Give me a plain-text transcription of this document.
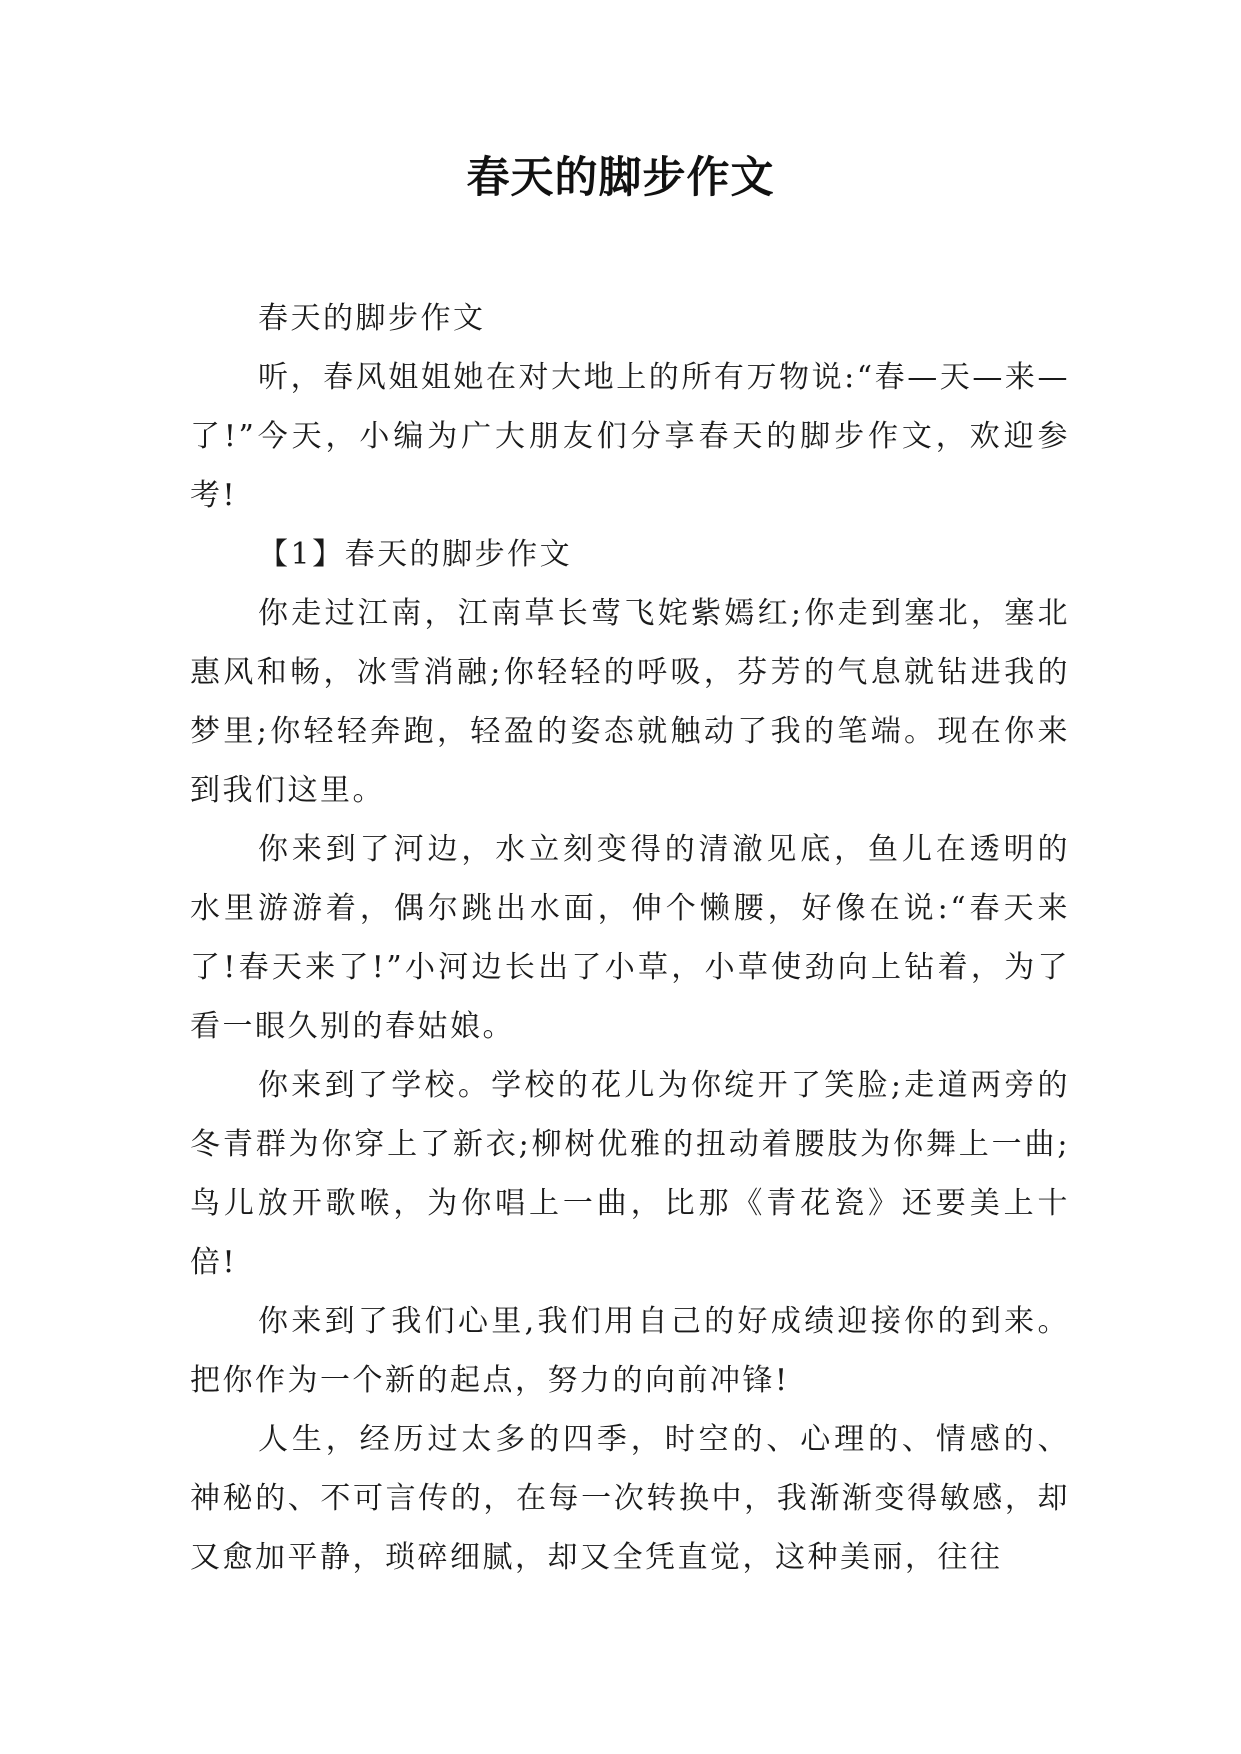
春天的脚步作文

春天的脚步作文

听，春风姐姐她在对大地上的所有万物说:“春—天—来—了!”今天，小编为广大朋友们分享春天的脚步作文，欢迎参考!

【1】春天的脚步作文

你走过江南，江南草长莺飞姹紫嫣红;你走到塞北，塞北惠风和畅，冰雪消融;你轻轻的呼吸，芬芳的气息就钻进我的梦里;你轻轻奔跑，轻盈的姿态就触动了我的笔端。现在你来到我们这里。

你来到了河边，水立刻变得的清澈见底，鱼儿在透明的水里游游着，偶尔跳出水面，伸个懒腰，好像在说:“春天来了!春天来了!”小河边长出了小草，小草使劲向上钻着，为了看一眼久别的春姑娘。

你来到了学校。学校的花儿为你绽开了笑脸;走道两旁的冬青群为你穿上了新衣;柳树优雅的扭动着腰肢为你舞上一曲;鸟儿放开歌喉，为你唱上一曲，比那《青花瓷》还要美上十倍!

你来到了我们心里,我们用自己的好成绩迎接你的到来。把你作为一个新的起点，努力的向前冲锋!

人生，经历过太多的四季，时空的、心理的、情感的、神秘的、不可言传的，在每一次转换中，我渐渐变得敏感，却又愈加平静，琐碎细腻，却又全凭直觉，这种美丽，往往
